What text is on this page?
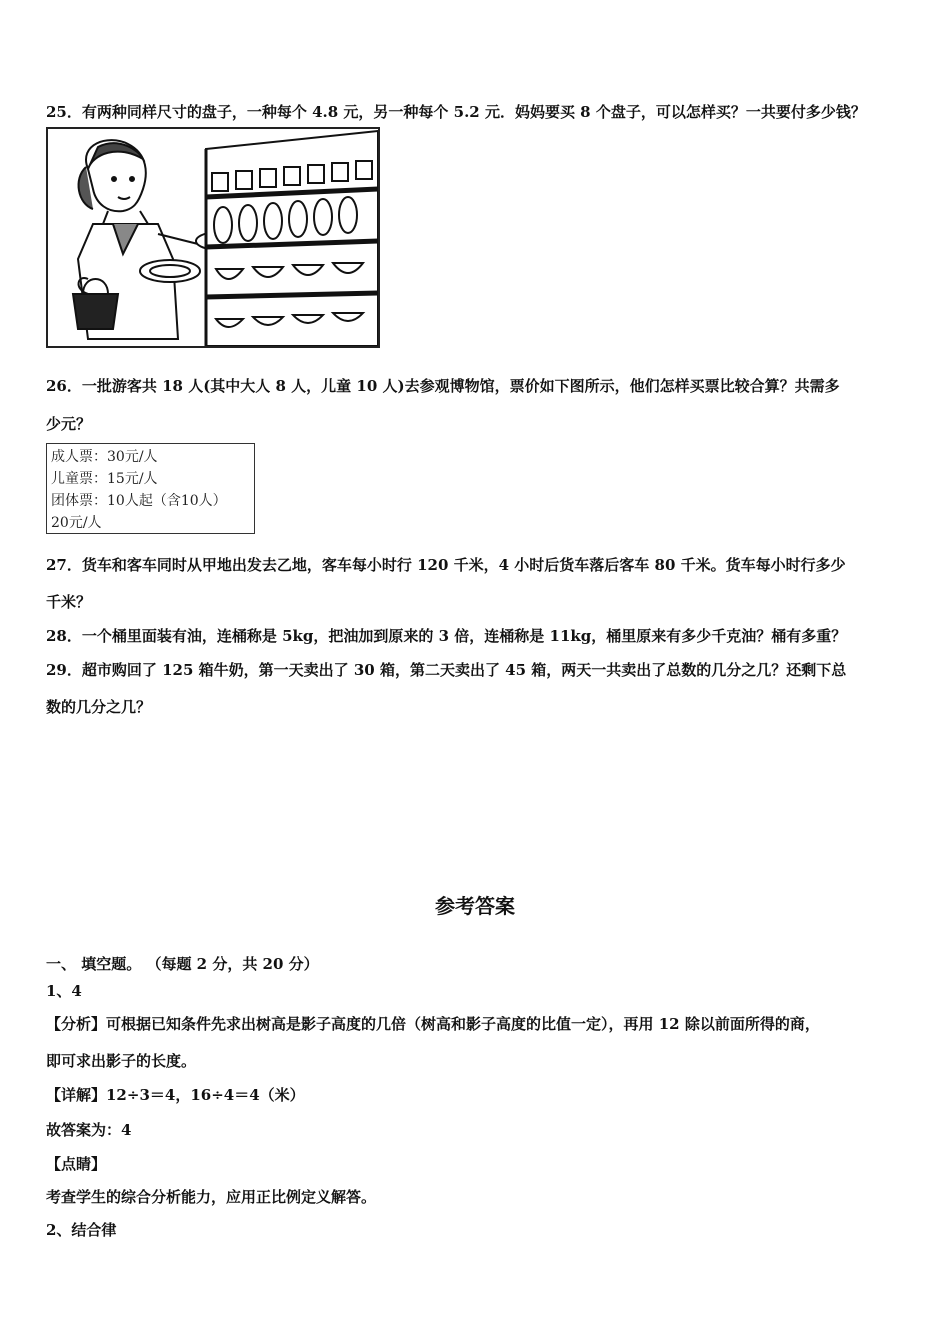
25．有两种同样尺寸的盘子，一种每个 4.8 元，另一种每个 5.2 元．妈妈要买 8 个盘子，可以怎样买？一共要付多少钱？
26．一批游客共 18 人(其中大人 8 人，儿童 10 人)去参观博物馆，票价如下图所示，他们怎样买票比较合算？共需多
少元？
成人票：30元/人
儿童票：15元/人
团体票：10人起（含10人）
20元/人
27．货车和客车同时从甲地出发去乙地，客车每小时行 120 千米，4 小时后货车落后客车 80 千米。货车每小时行多少
千米？
28．一个桶里面装有油，连桶称是 5kg，把油加到原来的 3 倍，连桶称是 11kg，桶里原来有多少千克油？桶有多重？
29．超市购回了 125 箱牛奶，第一天卖出了 30 箱，第二天卖出了 45 箱，两天一共卖出了总数的几分之几？还剩下总
数的几分之几？
参考答案
一、 填空题。 （每题 2 分，共 20 分）
1、4
【分析】可根据已知条件先求出树高是影子高度的几倍（树高和影子高度的比值一定），再用 12 除以前面所得的商，
即可求出影子的长度。
【详解】12÷3＝4，16÷4＝4（米）
故答案为：4
【点睛】
考查学生的综合分析能力，应用正比例定义解答。
2、结合律
